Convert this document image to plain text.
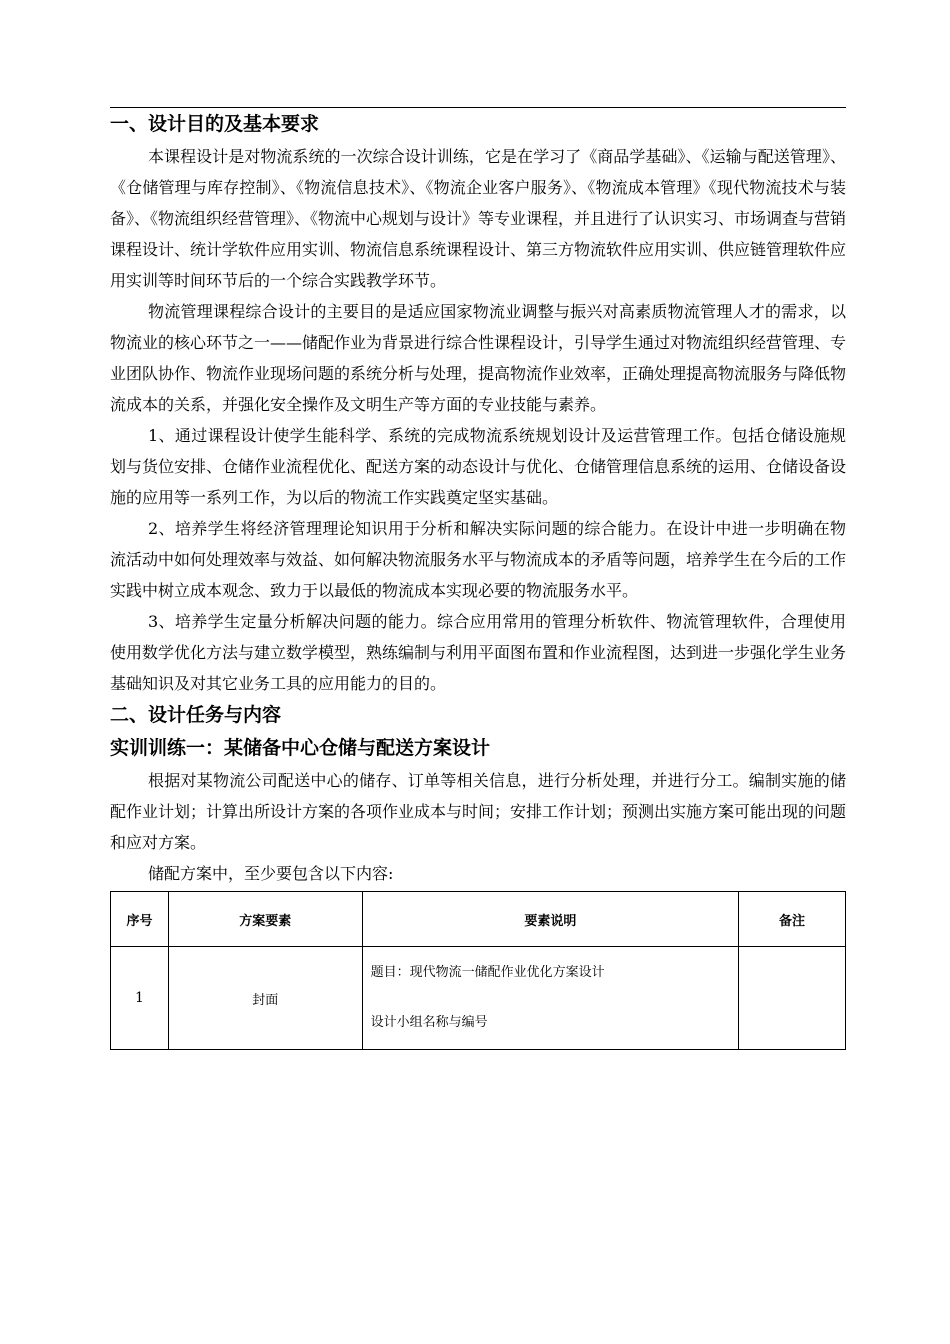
一、设计目的及基本要求

本课程设计是对物流系统的一次综合设计训练，它是在学习了《商品学基础》、《运输与配送管理》、《仓储管理与库存控制》、《物流信息技术》、《物流企业客户服务》、《物流成本管理》《现代物流技术与装备》、《物流组织经营管理》、《物流中心规划与设计》等专业课程，并且进行了认识实习、市场调查与营销课程设计、统计学软件应用实训、物流信息系统课程设计、第三方物流软件应用实训、供应链管理软件应用实训等时间环节后的一个综合实践教学环节。

物流管理课程综合设计的主要目的是适应国家物流业调整与振兴对高素质物流管理人才的需求，以物流业的核心环节之一——储配作业为背景进行综合性课程设计，引导学生通过对物流组织经营管理、专业团队协作、物流作业现场问题的系统分析与处理，提高物流作业效率，正确处理提高物流服务与降低物流成本的关系，并强化安全操作及文明生产等方面的专业技能与素养。

1、通过课程设计使学生能科学、系统的完成物流系统规划设计及运营管理工作。包括仓储设施规划与货位安排、仓储作业流程优化、配送方案的动态设计与优化、仓储管理信息系统的运用、仓储设备设施的应用等一系列工作，为以后的物流工作实践奠定坚实基础。

2、培养学生将经济管理理论知识用于分析和解决实际问题的综合能力。在设计中进一步明确在物流活动中如何处理效率与效益、如何解决物流服务水平与物流成本的矛盾等问题，培养学生在今后的工作实践中树立成本观念、致力于以最低的物流成本实现必要的物流服务水平。

3、培养学生定量分析解决问题的能力。综合应用常用的管理分析软件、物流管理软件，合理使用使用数学优化方法与建立数学模型，熟练编制与利用平面图布置和作业流程图，达到进一步强化学生业务基础知识及对其它业务工具的应用能力的目的。

二、设计任务与内容
实训训练一：某储备中心仓储与配送方案设计

根据对某物流公司配送中心的储存、订单等相关信息，进行分析处理，并进行分工。编制实施的储配作业计划；计算出所设计方案的各项作业成本与时间；安排工作计划；预测出实施方案可能出现的问题和应对方案。

储配方案中，至少要包含以下内容:

序号	方案要素	要素说明	备注
1	封面	题目：现代物流一储配作业优化方案设计
设计小组名称与编号	
